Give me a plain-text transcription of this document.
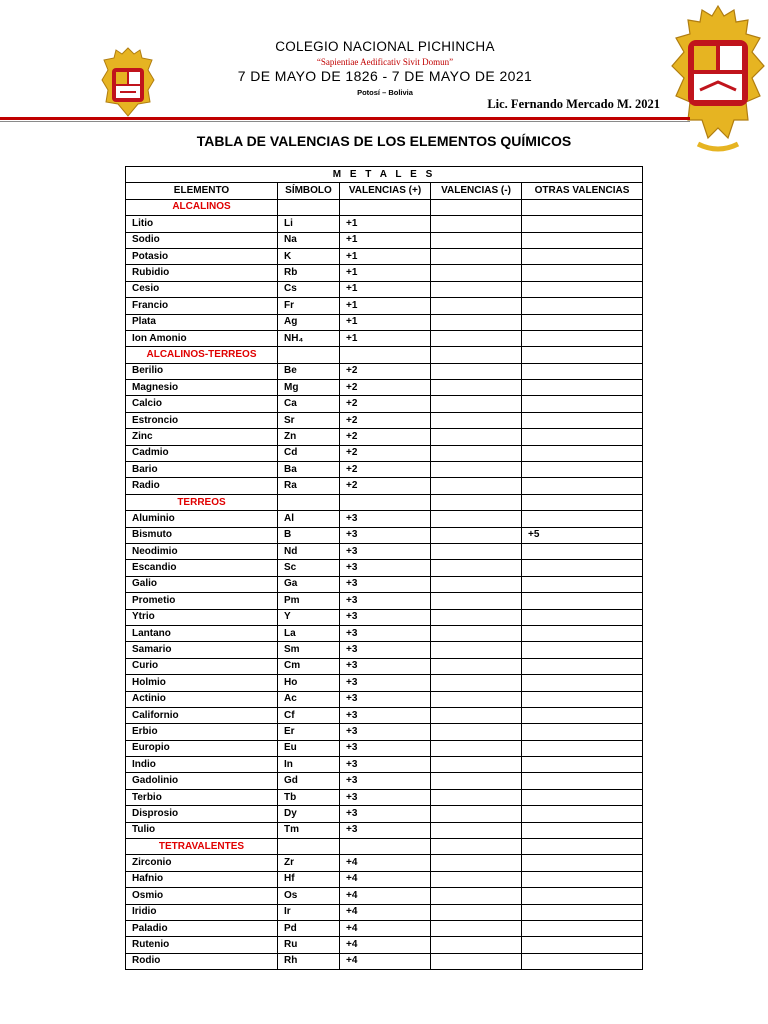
COLEGIO NACIONAL PICHINCHA
“Sapientiae Aedificativ Sivit Domun”
7 DE MAYO DE 1826 - 7 DE MAYO DE 2021
Potosí – Bolivia
Lic. Fernando Mercado M. 2021
TABLA DE VALENCIAS DE LOS ELEMENTOS QUÍMICOS
M E T A L E S				
ELEMENTO	SÍMBOLO	VALENCIAS (+)	VALENCIAS (-)	OTRAS VALENCIAS
ALCALINOS				
Litio	Li	+1		
Sodio	Na	+1		
Potasio	K	+1		
Rubidio	Rb	+1		
Cesio	Cs	+1		
Francio	Fr	+1		
Plata	Ag	+1		
Ion Amonio	NH₄	+1		
ALCALINOS-TERREOS				
Berilio	Be	+2		
Magnesio	Mg	+2		
Calcio	Ca	+2		
Estroncio	Sr	+2		
Zinc	Zn	+2		
Cadmio	Cd	+2		
Bario	Ba	+2		
Radio	Ra	+2		
TERREOS				
Aluminio	Al	+3		
Bismuto	B	+3		+5
Neodimio	Nd	+3		
Escandio	Sc	+3		
Galio	Ga	+3		
Prometio	Pm	+3		
Ytrio	Y	+3		
Lantano	La	+3		
Samario	Sm	+3		
Curio	Cm	+3		
Holmio	Ho	+3		
Actinio	Ac	+3		
Californio	Cf	+3		
Erbio	Er	+3		
Europio	Eu	+3		
Indio	In	+3		
Gadolinio	Gd	+3		
Terbio	Tb	+3		
Disprosio	Dy	+3		
Tulio	Tm	+3		
TETRAVALENTES				
Zirconio	Zr	+4		
Hafnio	Hf	+4		
Osmio	Os	+4		
Iridio	Ir	+4		
Paladio	Pd	+4		
Rutenio	Ru	+4		
Rodio	Rh	+4		
